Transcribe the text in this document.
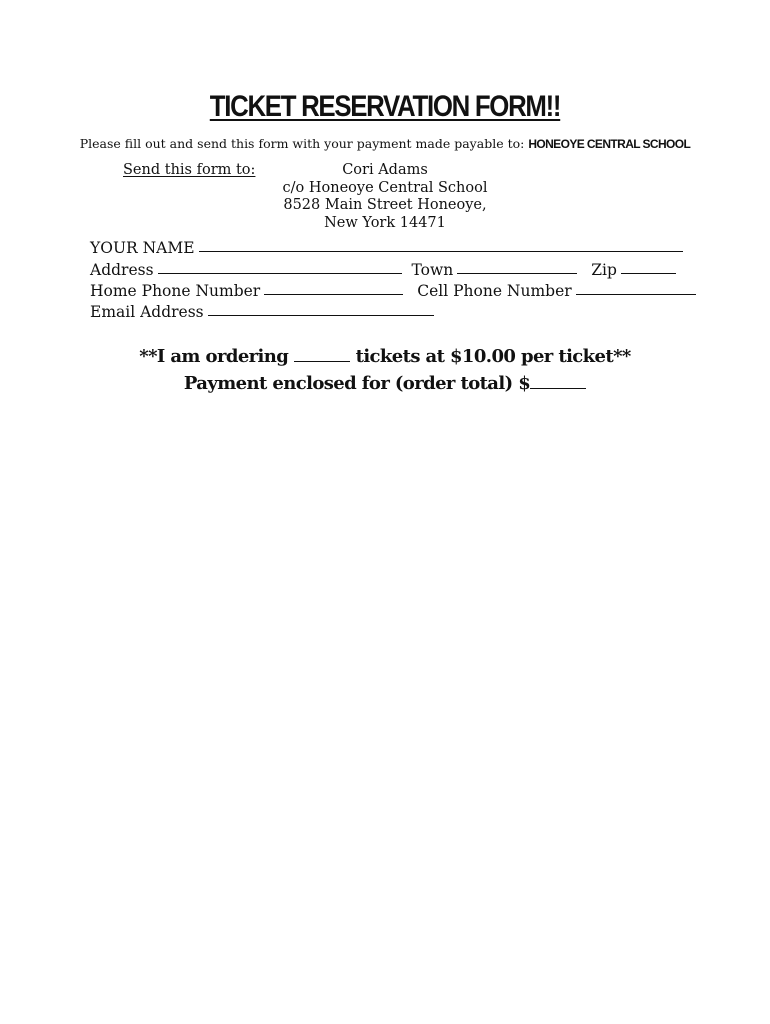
TICKET RESERVATION FORM!!
Please fill out and send this form with your payment made payable to: HONEOYE CENTRAL SCHOOL
Send this form to:	Cori Adams
c/o Honeoye Central School
8528 Main Street Honeoye,
New York 14471
YOUR NAME
Address	Town	Zip
Home Phone Number	Cell Phone Number
Email Address
**I am ordering	tickets at $10.00 per ticket**
Payment enclosed for (order total) $
